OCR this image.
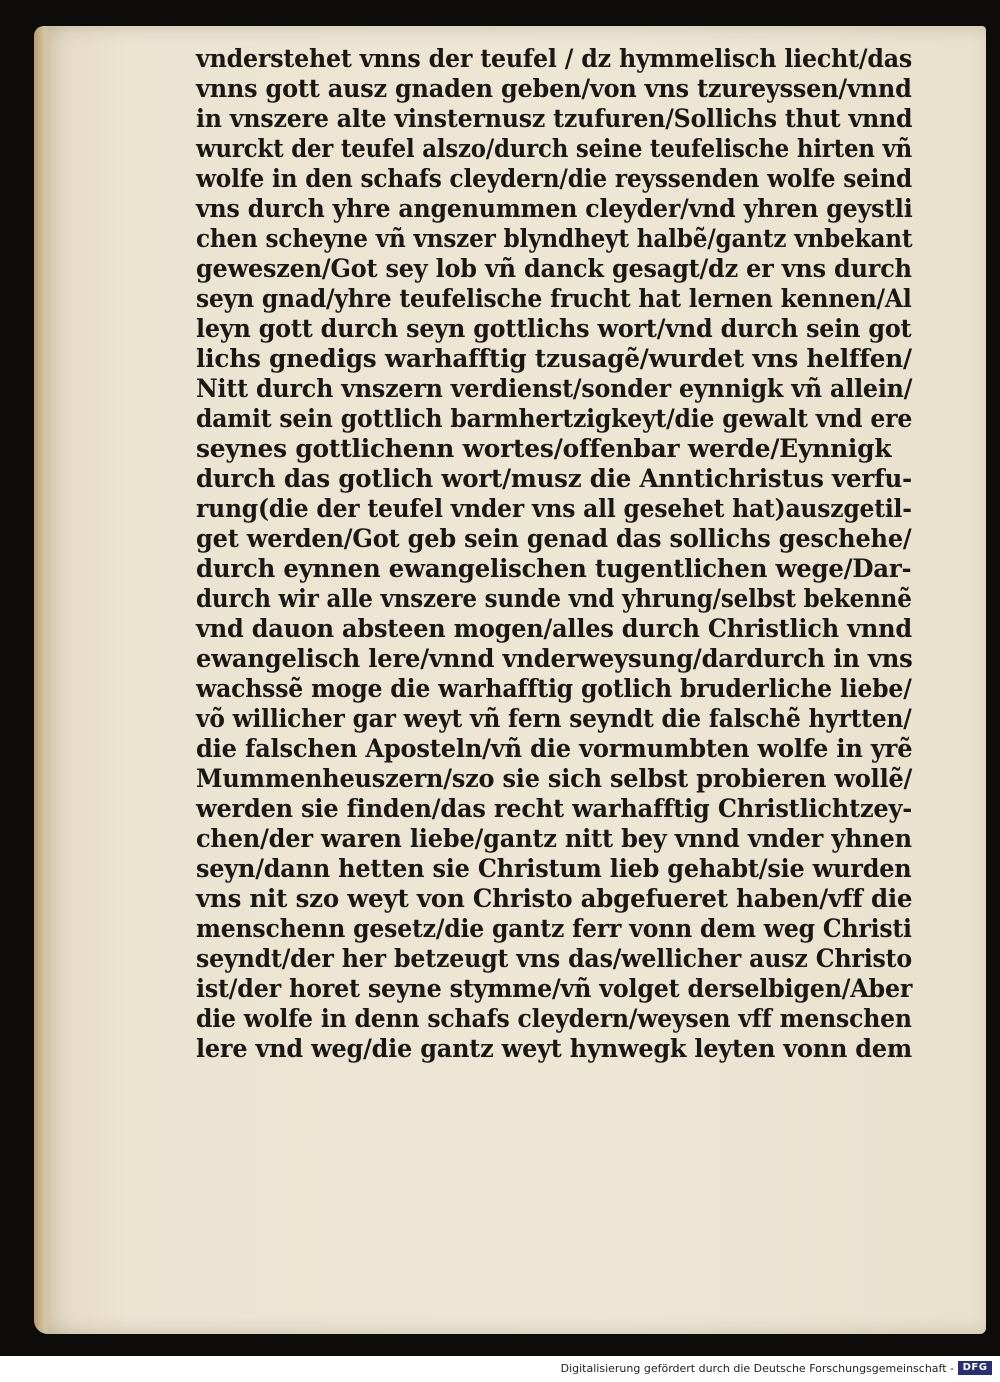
vnderstehet vnns der teufel / dz hymmelisch liecht/das
vnns gott ausz gnaden geben/von vns tzureyssen/vnnd
in vnszere alte vinsternusz tzufuren/Sollichs thut vnnd
wurckt der teufel alszo/durch seine teufelische hirten vñ
wolfe in den schafs cleydern/die reyssenden wolfe seind
vns durch yhre angenummen cleyder/vnd yhren geystli
chen scheyne vñ vnszer blyndheyt halbẽ/gantz vnbekant
geweszen/Got sey lob vñ danck gesagt/dz er vns durch
seyn gnad/yhre teufelische frucht hat lernen kennen/Al
leyn gott durch seyn gottlichs wort/vnd durch sein got
lichs gnedigs warhafftig tzusagẽ/wurdet vns helffen/
Nitt durch vnszern verdienst/sonder eynnigk vñ allein/
damit sein gottlich barmhertzigkeyt/die gewalt vnd ere
seynes gottlichenn wortes/offenbar werde/Eynnigk
durch das gotlich wort/musz die Anntichristus verfu-
rung(die der teufel vnder vns all gesehet hat)auszgetil-
get werden/Got geb sein genad das sollichs geschehe/
durch eynnen ewangelischen tugentlichen wege/Dar-
durch wir alle vnszere sunde vnd yhrung/selbst bekennẽ
vnd dauon absteen mogen/alles durch Christlich vnnd
ewangelisch lere/vnnd vnderweysung/dardurch in vns
wachssẽ moge die warhafftig gotlich bruderliche liebe/
võ willicher gar weyt vñ fern seyndt die falschẽ hyrtten/
die falschen Aposteln/vñ die vormumbten wolfe in yrẽ
Mummenheuszern/szo sie sich selbst probieren wollẽ/
werden sie finden/das recht warhafftig Christlichtzey-
chen/der waren liebe/gantz nitt bey vnnd vnder yhnen
seyn/dann hetten sie Christum lieb gehabt/sie wurden
vns nit szo weyt von Christo abgefueret haben/vff die
menschenn gesetz/die gantz ferr vonn dem weg Christi
seyndt/der her betzeugt vns das/wellicher ausz Christo
ist/der horet seyne stymme/vñ volget derselbigen/Aber
die wolfe in denn schafs cleydern/weysen vff menschen
lere vnd weg/die gantz weyt hynwegk leyten vonn dem
Digitalisierung gefördert durch die Deutsche Forschungsgemeinschaft - DFG
